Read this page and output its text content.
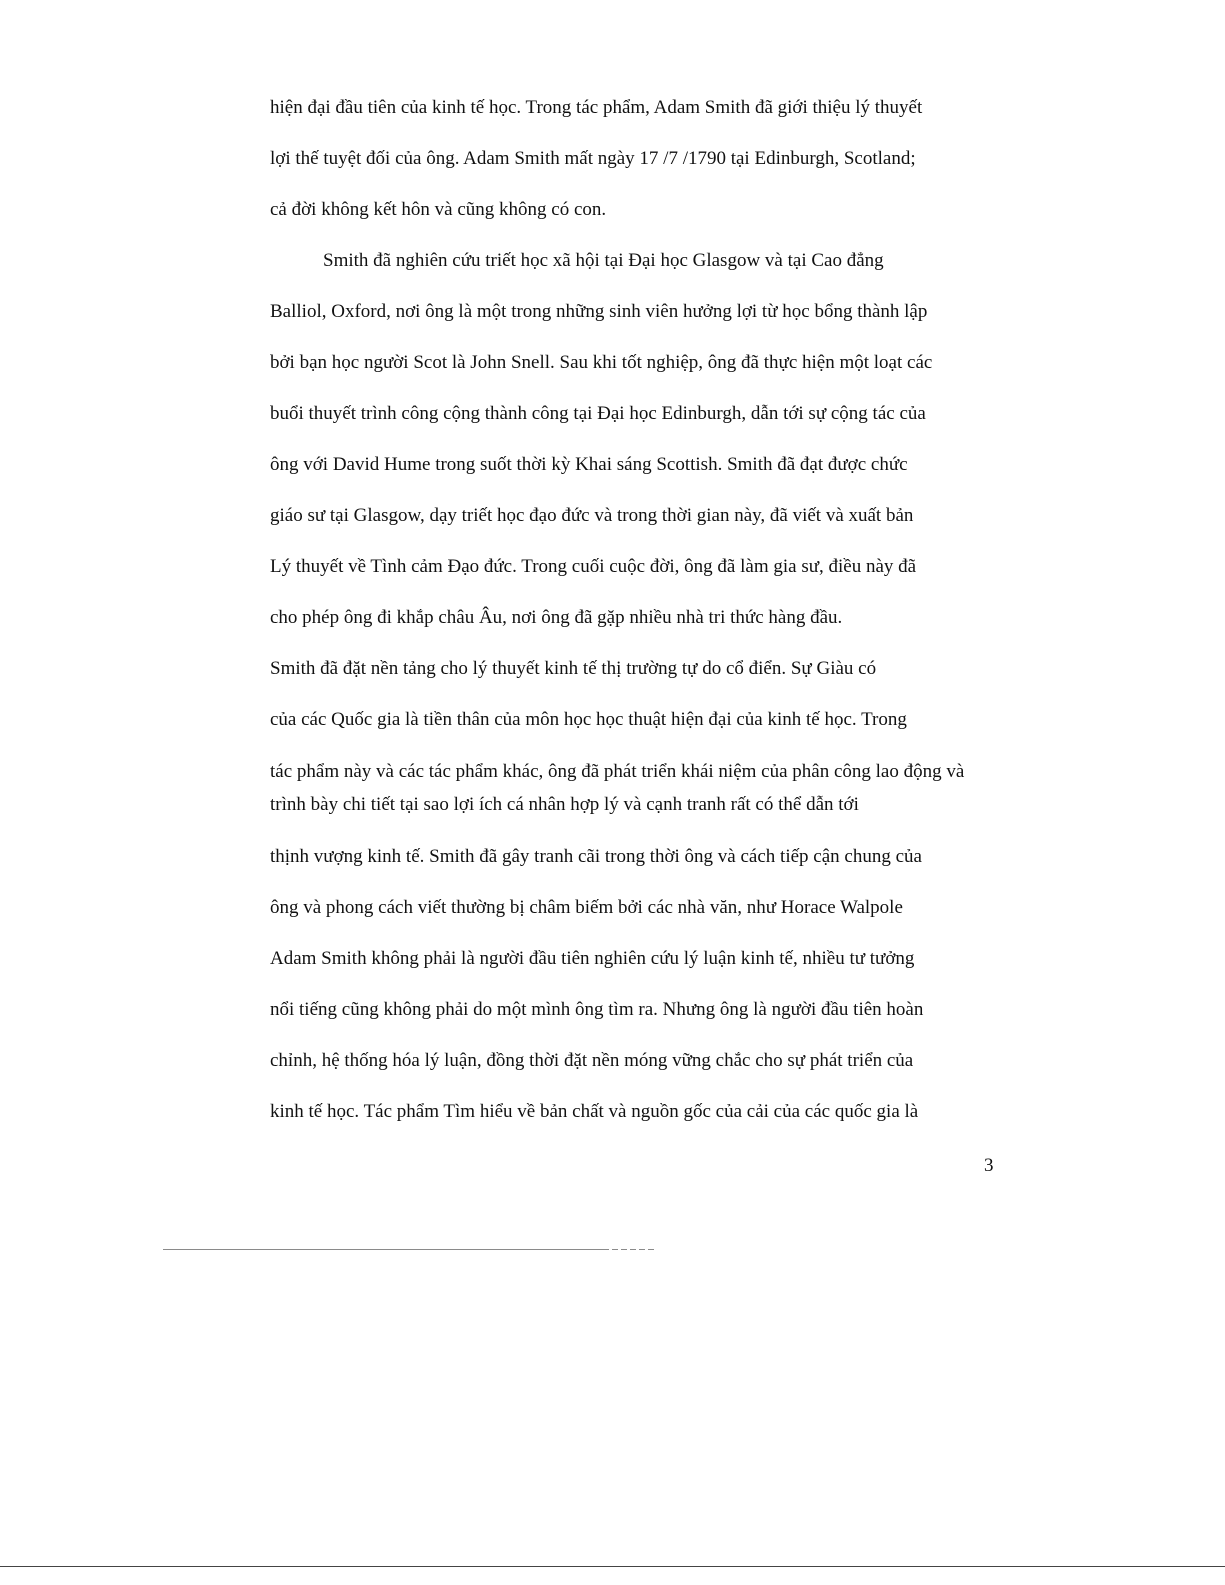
hiện đại đầu tiên của kinh tế học. Trong tác phẩm, Adam Smith đã giới thiệu lý thuyết
lợi thế tuyệt đối của ông. Adam Smith mất ngày 17 /7 /1790 tại Edinburgh, Scotland;
cả đời không kết hôn và cũng không có con.
Smith đã nghiên cứu triết học xã hội tại Đại học Glasgow và tại Cao đẳng
Balliol, Oxford, nơi ông là một trong những sinh viên hưởng lợi từ học bổng thành lập
bởi bạn học người Scot là John Snell. Sau khi tốt nghiệp, ông đã thực hiện một loạt các
buổi thuyết trình công cộng thành công tại Đại học Edinburgh, dẫn tới sự cộng tác của
ông với David Hume trong suốt thời kỳ Khai sáng Scottish. Smith đã đạt được chức
giáo sư tại Glasgow, dạy triết học đạo đức và trong thời gian này, đã viết và xuất bản
Lý thuyết về Tình cảm Đạo đức. Trong cuối cuộc đời, ông đã làm gia sư, điều này đã
cho phép ông đi khắp châu Âu, nơi ông đã gặp nhiều nhà tri thức hàng đầu.
Smith đã đặt nền tảng cho lý thuyết kinh tế thị trường tự do cổ điển. Sự Giàu có
của các Quốc gia là tiền thân của môn học học thuật hiện đại của kinh tế học. Trong
tác phẩm này và các tác phẩm khác, ông đã phát triển khái niệm của phân công lao động và
trình bày chi tiết tại sao lợi ích cá nhân hợp lý và cạnh tranh rất có thể dẫn tới
thịnh vượng kinh tế. Smith đã gây tranh cãi trong thời ông và cách tiếp cận chung của
ông và phong cách viết thường bị châm biếm bởi các nhà văn, như Horace Walpole
Adam Smith không phải là người đầu tiên nghiên cứu lý luận kinh tế, nhiều tư tưởng
nổi tiếng cũng không phải do một mình ông tìm ra. Nhưng ông là người đầu tiên hoàn
chỉnh, hệ thống hóa lý luận, đồng thời đặt nền móng vững chắc cho sự phát triển của
kinh tế học. Tác phẩm Tìm hiểu về bản chất và nguồn gốc của cải của các quốc gia là
3
